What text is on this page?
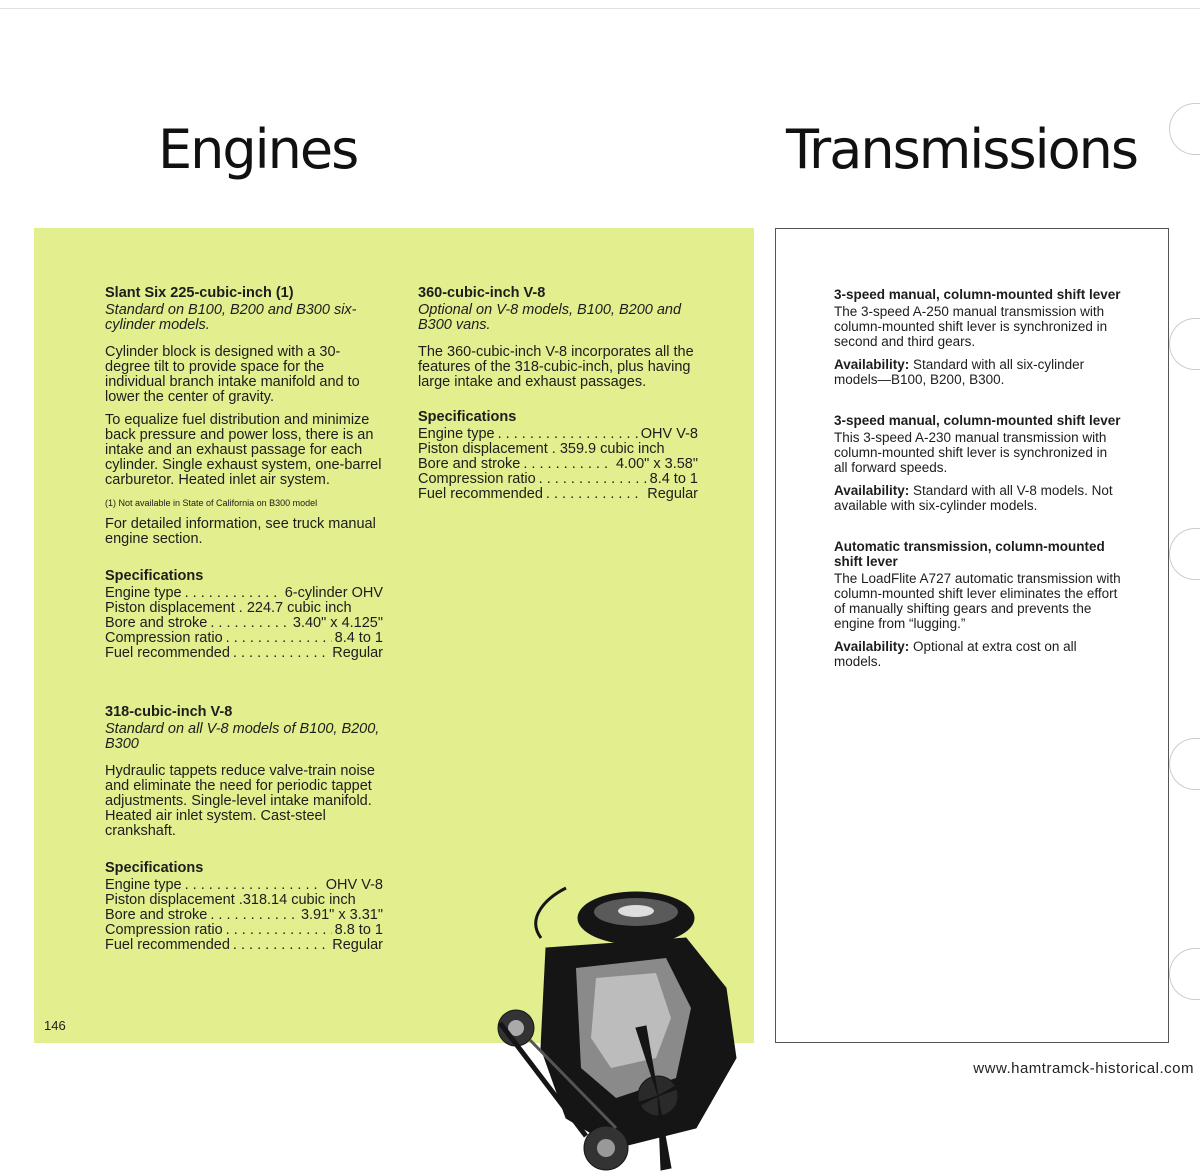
Engines	Transmissions

Slant Six 225-cubic-inch (1)

Standard on B100, B200 and B300 six-cylinder models.

Cylinder block is designed with a 30-degree tilt to provide space for the individual branch intake manifold and to lower the center of gravity.

To equalize fuel distribution and minimize back pressure and power loss, there is an intake and an exhaust passage for each cylinder. Single exhaust system, one-barrel carburetor. Heated inlet air system.

(1) Not available in State of California on B300 model

For detailed information, see truck manual engine section.

Specifications

Engine type . . .	6-cylinder OHV
Piston displacement . 224.7 cubic inch
Bore and stroke . . .	3.40" x 4.125"
Compression ratio . . .	8.4 to 1
Fuel recommended . . .	Regular

318-cubic-inch V-8

Standard on all V-8 models of B100, B200, B300

Hydraulic tappets reduce valve-train noise and eliminate the need for periodic tappet adjustments. Single-level intake manifold. Heated air inlet system. Cast-steel crankshaft.

Specifications

Engine type . . .	OHV V-8
Piston displacement . 318.14 cubic inch
Bore and stroke . . .	3.91" x 3.31"
Compression ratio . . .	8.8 to 1
Fuel recommended . . .	Regular

360-cubic-inch V-8

Optional on V-8 models, B100, B200 and B300 vans.

The 360-cubic-inch V-8 incorporates all the features of the 318-cubic-inch, plus having large intake and exhaust passages.

Specifications

Engine type . . .	OHV V-8
Piston displacement . 359.9 cubic inch
Bore and stroke . . .	4.00" x 3.58"
Compression ratio . . .	8.4 to 1
Fuel recommended . . .	Regular

3-speed manual, column-mounted shift lever

The 3-speed A-250 manual transmission with column-mounted shift lever is synchronized in second and third gears.

Availability: Standard with all six-cylinder models—B100, B200, B300.

3-speed manual, column-mounted shift lever

This 3-speed A-230 manual transmission with column-mounted shift lever is synchronized in all forward speeds.

Availability: Standard with all V-8 models. Not available with six-cylinder models.

Automatic transmission, column-mounted shift lever

The LoadFlite A727 automatic transmission with column-mounted shift lever eliminates the effort of manually shifting gears and prevents the engine from “lugging.”

Availability: Optional at extra cost on all models.

146
www.hamtramck-historical.com
